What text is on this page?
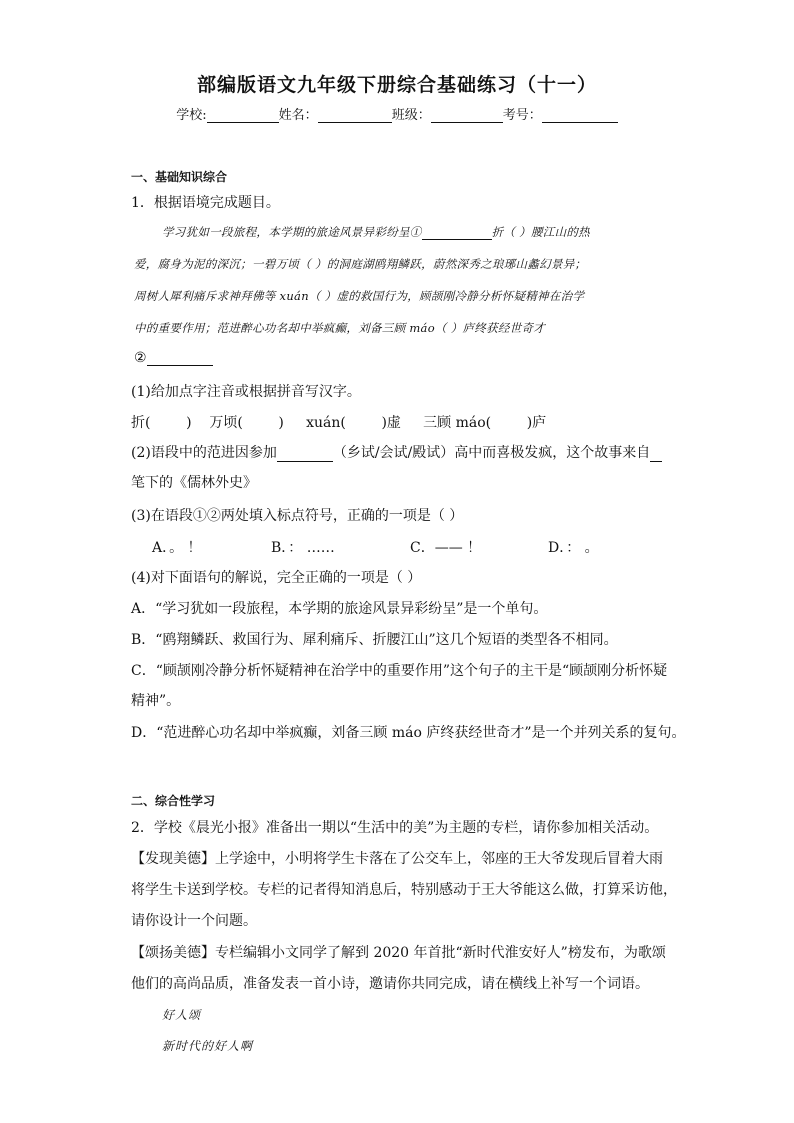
部编版语文九年级下册综合基础练习（十一）
学校:	姓名：	班级：	考号：
一、基础知识综合
1．根据语境完成题目。
学习犹如一段旅程，本学期的旅途风景异彩纷呈①	折（ ）腰江山的热
爱，腐身为泥的深沉；一碧万顷（ ）的洞庭湖鸥翔鳞跃，蔚然深秀之琅琊山蠡幻景异；
周树人犀利痛斥求神拜佛等 xuán（ ）虚的救国行为，顾颉刚冷静分析怀疑精神在治学
中的重要作用；范进醉心功名却中举疯癫，刘备三顾 máo（ ）庐终获经世奇才
②
(1)给加点字注音或根据拼音写汉字。
折(        )    万顷(        )     xuán(        )虚     三顾 máo(        )庐
(2)语段中的范进因参加	（乡试/会试/殿试）高中而喜极发疯，这个故事来自
笔下的《儒林外史》
(3)在语段①②两处填入标点符号，正确的一项是（ ）
A．。 ！	B．： ……	C．—— ！	D．： 。
(4)对下面语句的解说，完全正确的一项是（ ）
A．“学习犹如一段旅程，本学期的旅途风景异彩纷呈”是一个单句。
B．“鸥翔鳞跃、救国行为、犀利痛斥、折腰江山”这几个短语的类型各不相同。
C．“顾颉刚冷静分析怀疑精神在治学中的重要作用”这个句子的主干是“顾颉刚分析怀疑
精神”。
D．“范进醉心功名却中举疯癫，刘备三顾 máo 庐终获经世奇才”是一个并列关系的复句。
二、综合性学习
2．学校《晨光小报》准备出一期以“生活中的美”为主题的专栏，请你参加相关活动。
【发现美德】上学途中，小明将学生卡落在了公交车上，邻座的王大爷发现后冒着大雨
将学生卡送到学校。专栏的记者得知消息后，特别感动于王大爷能这么做，打算采访他，
请你设计一个问题。
【颂扬美德】专栏编辑小文同学了解到 2020 年首批“新时代淮安好人”榜发布，为歌颂
他们的高尚品质，准备发表一首小诗，邀请你共同完成，请在横线上补写一个词语。
好人颂
新时代的好人啊
